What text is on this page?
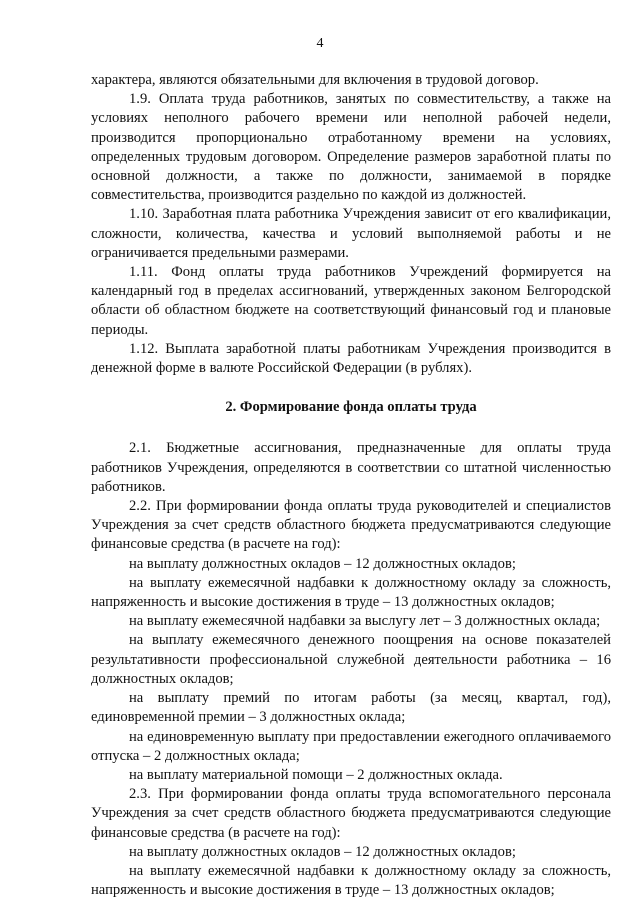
4

характера, являются обязательными для включения в трудовой договор.

1.9. Оплата труда работников, занятых по совместительству, а также на условиях неполного рабочего времени или неполной рабочей недели, производится пропорционально отработанному времени на условиях, определенных трудовым договором. Определение размеров заработной платы по основной должности, а также по должности, занимаемой в порядке совместительства, производится раздельно по каждой из должностей.

1.10. Заработная плата работника Учреждения зависит от его квалификации, сложности, количества, качества и условий выполняемой работы и не ограничивается предельными размерами.

1.11. Фонд оплаты труда работников Учреждений формируется на календарный год в пределах ассигнований, утвержденных законом Белгородской области об областном бюджете на соответствующий финансовый год и плановые периоды.

1.12. Выплата заработной платы работникам Учреждения производится в денежной форме в валюте Российской Федерации (в рублях).

2. Формирование фонда оплаты труда

2.1. Бюджетные ассигнования, предназначенные для оплаты труда работников Учреждения, определяются в соответствии со штатной численностью работников.

2.2. При формировании фонда оплаты труда руководителей и специалистов Учреждения за счет средств областного бюджета предусматриваются следующие финансовые средства (в расчете на год):

на выплату должностных окладов – 12 должностных окладов;

на выплату ежемесячной надбавки к должностному окладу за сложность, напряженность и высокие достижения в труде – 13 должностных окладов;

на выплату ежемесячной надбавки за выслугу лет – 3 должностных оклада;

на выплату ежемесячного денежного поощрения на основе показателей результативности профессиональной служебной деятельности работника – 16 должностных окладов;

на выплату премий по итогам работы (за месяц, квартал, год), единовременной премии – 3 должностных оклада;

на единовременную выплату при предоставлении ежегодного оплачиваемого отпуска – 2 должностных оклада;

на выплату материальной помощи – 2 должностных оклада.

2.3. При формировании фонда оплаты труда вспомогательного персонала Учреждения за счет средств областного бюджета предусматриваются следующие финансовые средства (в расчете на год):

на выплату должностных окладов – 12 должностных окладов;

на выплату ежемесячной надбавки к должностному окладу за сложность, напряженность и высокие достижения в труде – 13 должностных окладов;
